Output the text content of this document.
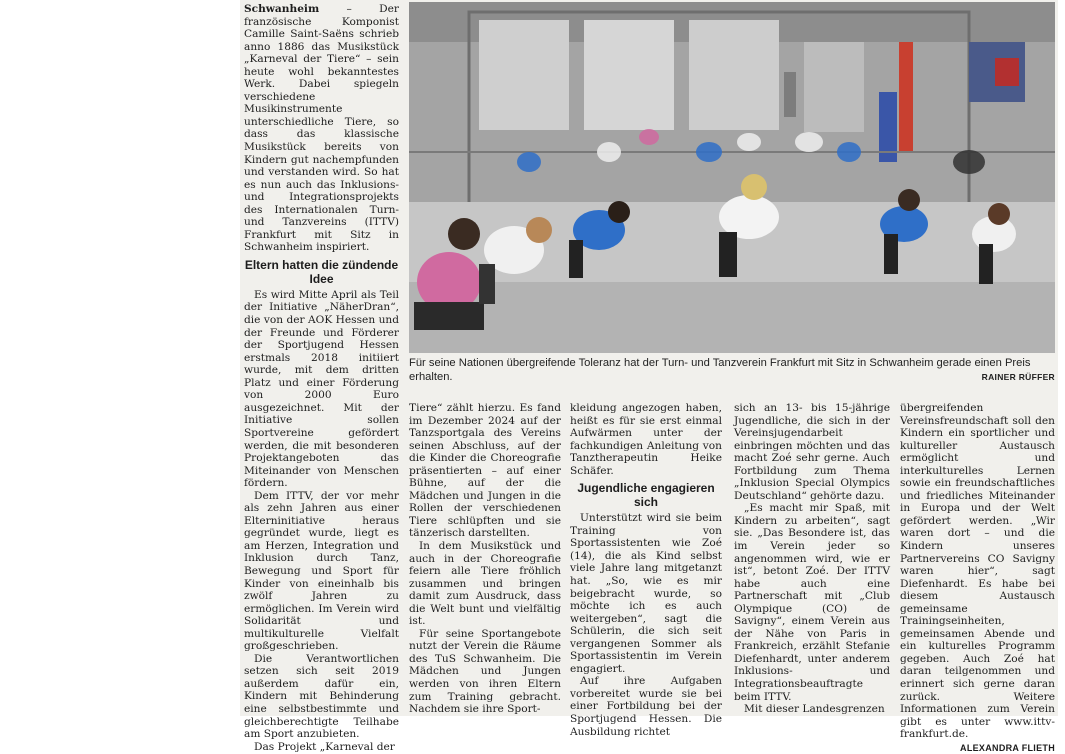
Schwanheim – Der französische Komponist Camille Saint-Saëns schrieb anno 1886 das Musikstück „Karneval der Tiere“ – sein heute wohl bekanntestes Werk. Dabei spiegeln verschiedene Musikinstrumente unterschiedliche Tiere, so dass das klassische Musikstück bereits von Kindern gut nachempfunden und verstanden wird. So hat es nun auch das Inklusions- und Integrationsprojekts des Internationalen Turn- und Tanzvereins (ITTV) Frankfurt mit Sitz in Schwanheim inspiriert.

Eltern hatten die zündende Idee

Es wird Mitte April als Teil der Initiative „NäherDran“, die von der AOK Hessen und der Freunde und Förderer der Sportjugend Hessen erstmals 2018 initiiert wurde, mit dem dritten Platz und einer Förderung von 2000 Euro ausgezeichnet. Mit der Initiative sollen Sportvereine gefördert werden, die mit besonderen Projektangeboten das Miteinander von Menschen fördern.

Dem ITTV, der vor mehr als zehn Jahren aus einer Elterninitiative heraus gegründet wurde, liegt es am Herzen, Integration und Inklusion durch Tanz, Bewegung und Sport für Kinder von eineinhalb bis zwölf Jahren zu ermöglichen. Im Verein wird Solidarität und multikulturelle Vielfalt großgeschrieben.

Die Verantwortlichen setzen sich seit 2019 außerdem dafür ein, Kindern mit Behinderung eine selbstbestimmte und gleichberechtigte Teilhabe am Sport anzubieten.

Das Projekt „Karneval der

Für seine Nationen übergreifende Toleranz hat der Turn- und Tanzverein Frankfurt mit Sitz in Schwanheim gerade einen Preis erhalten.	RAINER RÜFFER

Tiere“ zählt hierzu. Es fand im Dezember 2024 auf der Tanzsportgala des Vereins seinen Abschluss, auf der die Kinder die Choreografie präsentierten – auf einer Bühne, auf der die Mädchen und Jungen in die Rollen der verschiedenen Tiere schlüpften und sie tänzerisch darstellten.

In dem Musikstück und auch in der Choreografie feiern alle Tiere fröhlich zusammen und bringen damit zum Ausdruck, dass die Welt bunt und vielfältig ist.

Für seine Sportangebote nutzt der Verein die Räume des TuS Schwanheim. Die Mädchen und Jungen werden von ihren Eltern zum Training gebracht. Nachdem sie ihre Sport-

kleidung angezogen haben, heißt es für sie erst einmal Aufwärmen unter der fachkundigen Anleitung von Tanztherapeutin Heike Schäfer.

Jugendliche engagieren sich

Unterstützt wird sie beim Training von Sportassistenten wie Zoé (14), die als Kind selbst viele Jahre lang mitgetanzt hat. „So, wie es mir beigebracht wurde, so möchte ich es auch weitergeben“, sagt die Schülerin, die sich seit vergangenen Sommer als Sportassistentin im Verein engagiert.

Auf ihre Aufgaben vorbereitet wurde sie bei einer Fortbildung bei der Sportjugend Hessen. Die Ausbildung richtet

sich an 13- bis 15-jährige Jugendliche, die sich in der Vereinsjugendarbeit einbringen möchten und das macht Zoé sehr gerne. Auch Fortbildung zum Thema „Inklusion Special Olympics Deutschland“ gehörte dazu.

„Es macht mir Spaß, mit Kindern zu arbeiten“, sagt sie. „Das Besondere ist, das im Verein jeder so angenommen wird, wie er ist“, betont Zoé. Der ITTV habe auch eine Partnerschaft mit „Club Olympique (CO) de Savigny“, einem Verein aus der Nähe von Paris in Frankreich, erzählt Stefanie Diefenhardt, unter anderem Inklusions- und Integrationsbeauftragte beim ITTV.

Mit dieser Landesgrenzen

übergreifenden Vereinsfreundschaft soll den Kindern ein sportlicher und kultureller Austausch ermöglicht und interkulturelles Lernen sowie ein freundschaftliches und friedliches Miteinander in Europa und der Welt gefördert werden. „Wir waren dort – und die Kindern unseres Partnervereins CO Savigny waren hier“, sagt Diefenhardt. Es habe bei diesem Austausch gemeinsame Trainingseinheiten, gemeinsamen Abende und ein kulturelles Programm gegeben. Auch Zoé hat daran teilgenommen und erinnert sich gerne daran zurück. Weitere Informationen zum Verein gibt es unter www.ittv-frankfurt.de.

ALEXANDRA FLIETH
